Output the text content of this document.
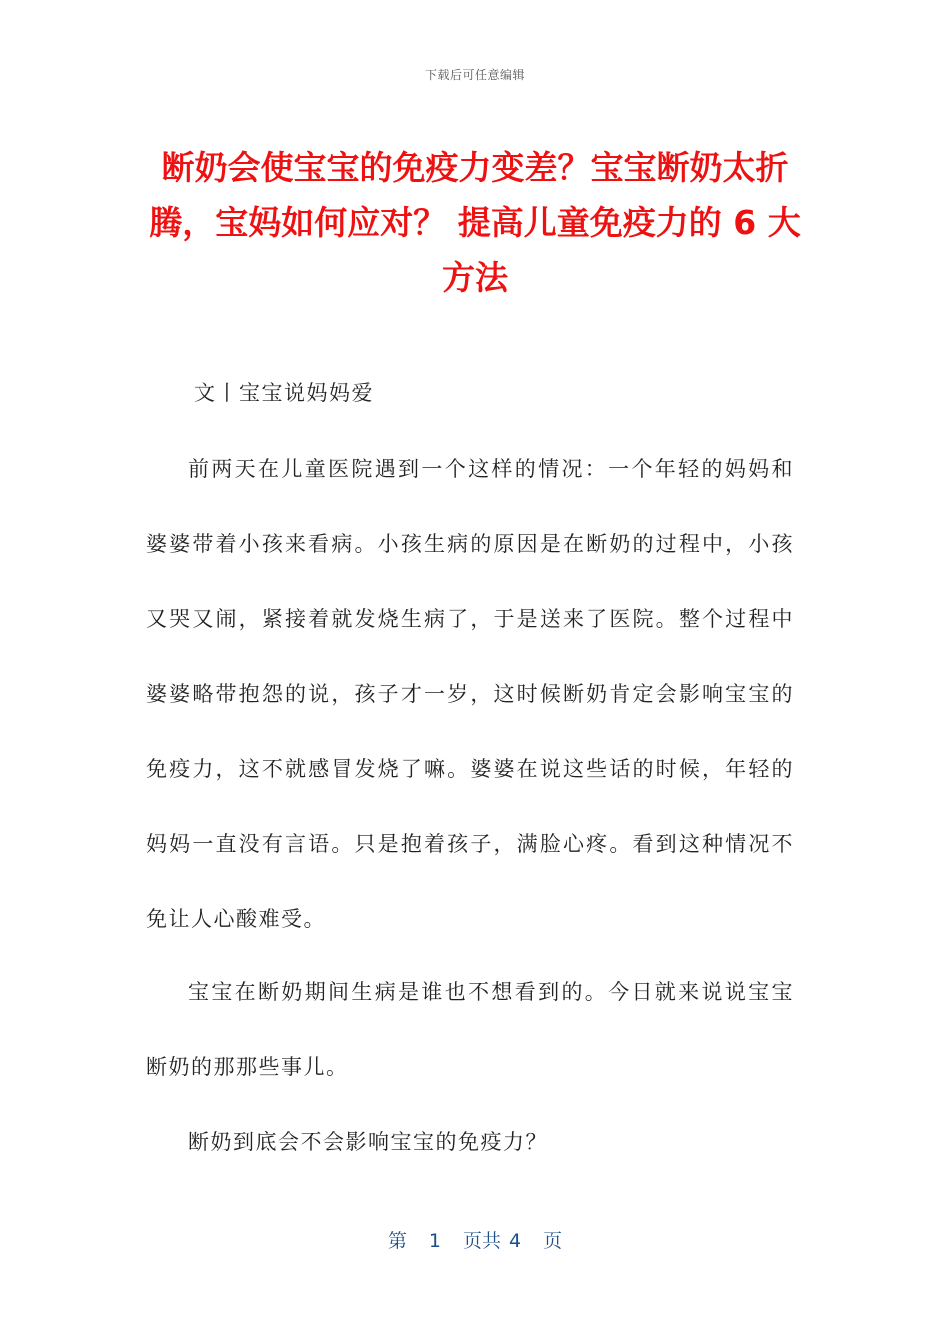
下载后可任意编辑
断奶会使宝宝的免疫力变差？宝宝断奶太折腾，宝妈如何应对？ 提高儿童免疫力的 6 大方法
文丨宝宝说妈妈爱

前两天在儿童医院遇到一个这样的情况：一个年轻的妈妈和婆婆带着小孩来看病。小孩生病的原因是在断奶的过程中，小孩又哭又闹，紧接着就发烧生病了，于是送来了医院。整个过程中婆婆略带抱怨的说，孩子才一岁，这时候断奶肯定会影响宝宝的免疫力，这不就感冒发烧了嘛。婆婆在说这些话的时候，年轻的妈妈一直没有言语。只是抱着孩子，满脸心疼。看到这种情况不免让人心酸难受。

宝宝在断奶期间生病是谁也不想看到的。今日就来说说宝宝断奶的那那些事儿。

断奶到底会不会影响宝宝的免疫力？

第 1 页共 4 页
